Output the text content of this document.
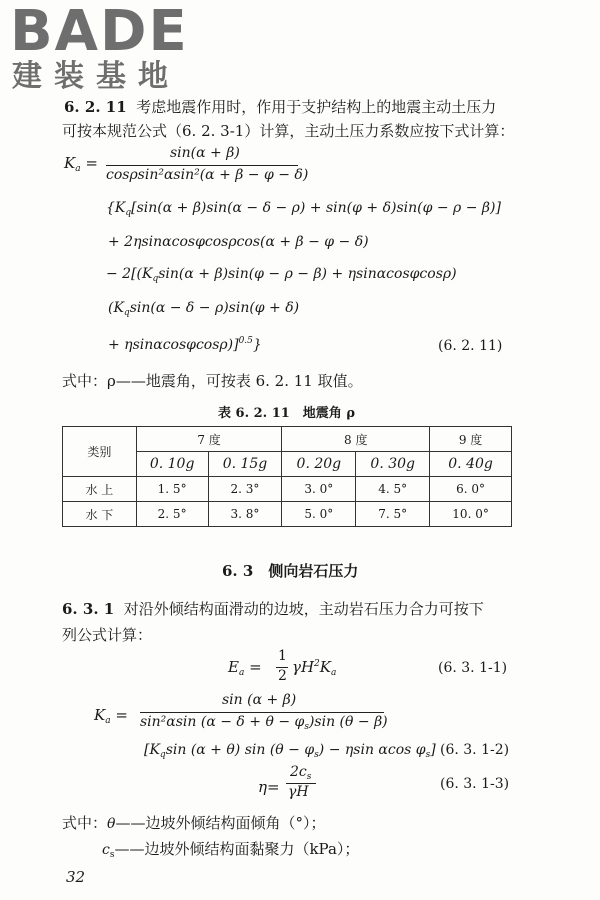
BADE
建装基地
6. 2. 11 考虑地震作用时，作用于支护结构上的地震主动土压力
可按本规范公式（6. 2. 3-1）计算，主动土压力系数应按下式计算：
$K_a$ =
sin(α + β)
cosρsin²αsin²(α + β − φ − δ)
{$K_q[\sin(\alpha + \beta)\sin(\alpha - \delta - \rho) + \sin(\varphi + \delta)\sin(\varphi - \rho - \beta)]$
+ 2ηsinαcosφcosρcos(α + β − φ − δ)
− $2[(K_q\sin(\alpha + \beta)\sin(\varphi - \rho - \beta) + \eta\sin\alpha\cos\varphi\cos\rho)$
($K_q\sin(\alpha - \delta - \rho)\sin(\varphi + \delta)$
+ ηsinαcosφcosρ)]$^{0.5}$}	(6. 2. 11)
式中：ρ——地震角，可按表 6. 2. 11 取值。
表 6. 2. 11　地震角 ρ
类别	7 度		8 度		9 度
	0. 10g	0. 15g	0. 20g	0. 30g	0. 40g
水 上	1. 5°	2. 3°	3. 0°	4. 5°	6. 0°
水 下	2. 5°	3. 8°	5. 0°	7. 5°	10. 0°
6. 3　侧向岩石压力
6. 3. 1 对沿外倾结构面滑动的边坡，主动岩石压力合力可按下
列公式计算：
$E_a$ =
1
2 $\gamma H^2K_a$	(6. 3. 1-1)
$K_a$ =
sin (α + β)
sin²αsin $(\alpha - \delta + \theta - \varphi_s)\sin$ (θ − β)
[$K_q\sin$ (α + θ) $\sin (\theta - \varphi_s) - \eta\sin$ αcos $\varphi_s$] (6. 3. 1-2)
η=
$2c_s$
γH	(6. 3. 1-3)
式中：θ——边坡外倾结构面倾角（°）；
$c_s——$边坡外倾结构面黏聚力（kPa）；
32
